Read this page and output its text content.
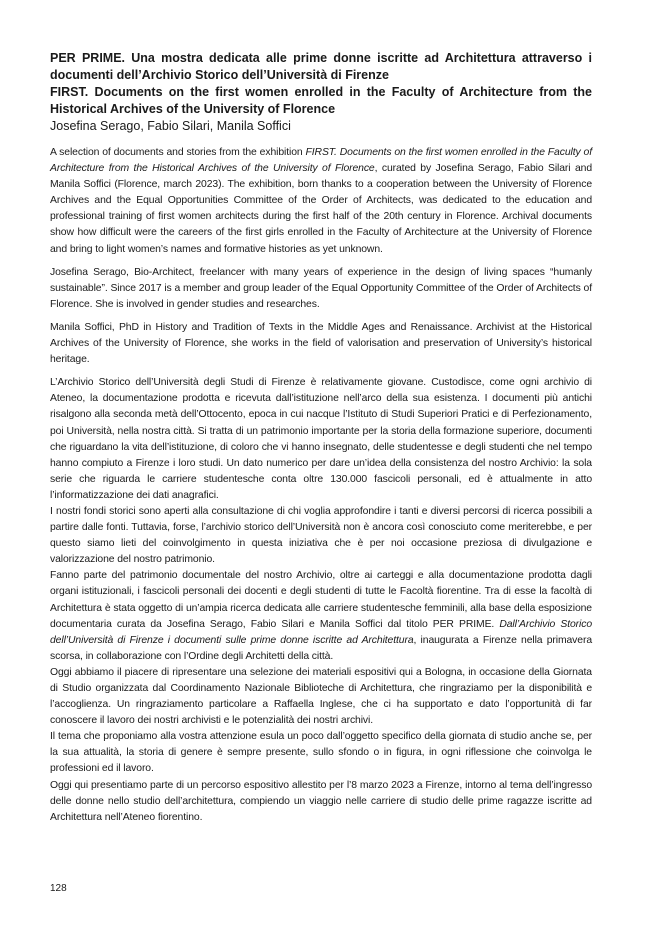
PER PRIME. Una mostra dedicata alle prime donne iscritte ad Architettura attraverso i documenti dell’Archivio Storico dell’Università di Firenze

FIRST. Documents on the first women enrolled in the Faculty of Architecture from the Historical Archives of the University of Florence

Josefina Serago, Fabio Silari, Manila Soffici

A selection of documents and stories from the exhibition FIRST. Documents on the first women enrolled in the Faculty of Architecture from the Historical Archives of the University of Florence, curated by Josefina Serago, Fabio Silari and Manila Soffici (Florence, march 2023). The exhibition, born thanks to a cooperation between the University of Florence Archives and the Equal Opportunities Committee of the Order of Architects, was dedicated to the education and professional training of first women architects during the first half of the 20th century in Florence. Archival documents show how difficult were the careers of the first girls enrolled in the Faculty of Architecture at the University of Florence and bring to light women’s names and formative histories as yet unknown.

Josefina Serago, Bio-Architect, freelancer with many years of experience in the design of living spaces “humanly sustainable”. Since 2017 is a member and group leader of the Equal Opportunity Committee of the Order of Architects of Florence. She is involved in gender studies and researches.

Manila Soffici, PhD in History and Tradition of Texts in the Middle Ages and Renaissance. Archivist at the Historical Archives of the University of Florence, she works in the field of valorisation and preservation of University’s historical heritage.

L’Archivio Storico dell’Università degli Studi di Firenze è relativamente giovane. Custodisce, come ogni archivio di Ateneo, la documentazione prodotta e ricevuta dall’istituzione nell’arco della sua esistenza. I documenti più antichi risalgono alla seconda metà dell’Ottocento, epoca in cui nacque l’Istituto di Studi Superiori Pratici e di Perfezionamento, poi Università, nella nostra città. Si tratta di un patrimonio importante per la storia della formazione superiore, documenti che riguardano la vita dell’istituzione, di coloro che vi hanno insegnato, delle studentesse e degli studenti che nel tempo hanno compiuto a Firenze i loro studi. Un dato numerico per dare un’idea della consistenza del nostro Archivio: la sola serie che riguarda le carriere studentesche conta oltre 130.000 fascicoli personali, ed è attualmente in atto l’informatizzazione dei dati anagrafici.

I nostri fondi storici sono aperti alla consultazione di chi voglia approfondire i tanti e diversi percorsi di ricerca possibili a partire dalle fonti. Tuttavia, forse, l’archivio storico dell’Università non è ancora così conosciuto come meriterebbe, e per questo siamo lieti del coinvolgimento in questa iniziativa che è per noi occasione preziosa di divulgazione e valorizzazione del nostro patrimonio.

Fanno parte del patrimonio documentale del nostro Archivio, oltre ai carteggi e alla documentazione prodotta dagli organi istituzionali, i fascicoli personali dei docenti e degli studenti di tutte le Facoltà fiorentine. Tra di esse la facoltà di Architettura è stata oggetto di un’ampia ricerca dedicata alle carriere studentesche femminili, alla base della esposizione documentaria curata da Josefina Serago, Fabio Silari e Manila Soffici dal titolo PER PRIME. Dall’Archivio Storico dell’Università di Firenze i documenti sulle prime donne iscritte ad Architettura, inaugurata a Firenze nella primavera scorsa, in collaborazione con l’Ordine degli Architetti della città.

Oggi abbiamo il piacere di ripresentare una selezione dei materiali espositivi qui a Bologna, in occasione della Giornata di Studio organizzata dal Coordinamento Nazionale Biblioteche di Architettura, che ringraziamo per la disponibilità e l’accoglienza. Un ringraziamento particolare a Raffaella Inglese, che ci ha supportato e dato l’opportunità di far conoscere il lavoro dei nostri archivisti e le potenzialità dei nostri archivi.

Il tema che proponiamo alla vostra attenzione esula un poco dall’oggetto specifico della giornata di studio anche se, per la sua attualità, la storia di genere è sempre presente, sullo sfondo o in figura, in ogni riflessione che coinvolga le professioni ed il lavoro.

Oggi qui presentiamo parte di un percorso espositivo allestito per l’8 marzo 2023 a Firenze, intorno al tema dell’ingresso delle donne nello studio dell’architettura, compiendo un viaggio nelle carriere di studio delle prime ragazze iscritte ad Architettura nell’Ateneo fiorentino.

128
